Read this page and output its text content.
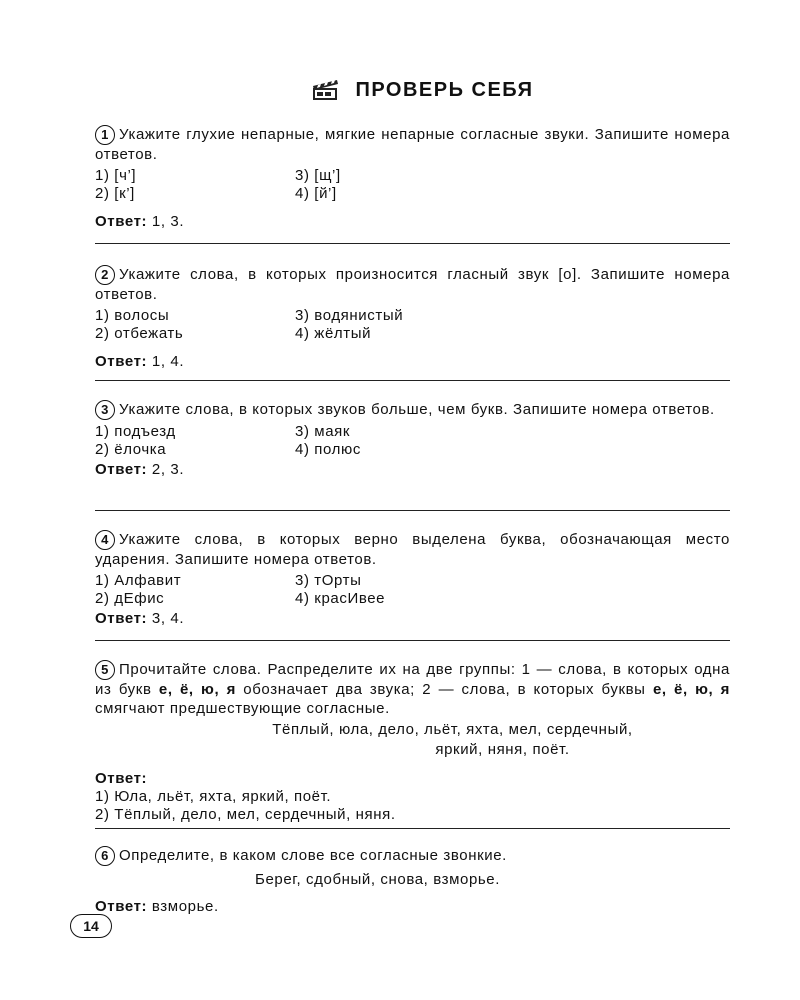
ПРОВЕРЬ СЕБЯ
1 Укажите глухие непарные, мягкие непарные согласные звуки. Запишите номера ответов.
1) [ч’]	3) [щ’]
2) [к’]	4) [й’]
Ответ: 1, 3.
2 Укажите слова, в которых произносится гласный звук [о]. Запишите номера ответов.
1) волосы	3) водянистый
2) отбежать	4) жёлтый
Ответ: 1, 4.
3 Укажите слова, в которых звуков больше, чем букв. Запишите номера ответов.
1) подъезд	3) маяк
2) ёлочка	4) полюс
Ответ: 2, 3.
4 Укажите слова, в которых верно выделена буква, обозначающая место ударения. Запишите номера ответов.
1) Алфавит	3) тОрты
2) дЕфис	4) красИвее
Ответ: 3, 4.
5 Прочитайте слова. Распределите их на две группы: 1 — слова, в которых одна из букв е, ё, ю, я обозначает два звука; 2 — слова, в которых буквы е, ё, ю, я смягчают предшествующие согласные.
Тёплый, юла, дело, льёт, яхта, мел, сердечный,
яркий, няня, поёт.
Ответ:
1) Юла, льёт, яхта, яркий, поёт.
2) Тёплый, дело, мел, сердечный, няня.
6 Определите, в каком слове все согласные звонкие.
Берег, сдобный, снова, взморье.
Ответ: взморье.
14
